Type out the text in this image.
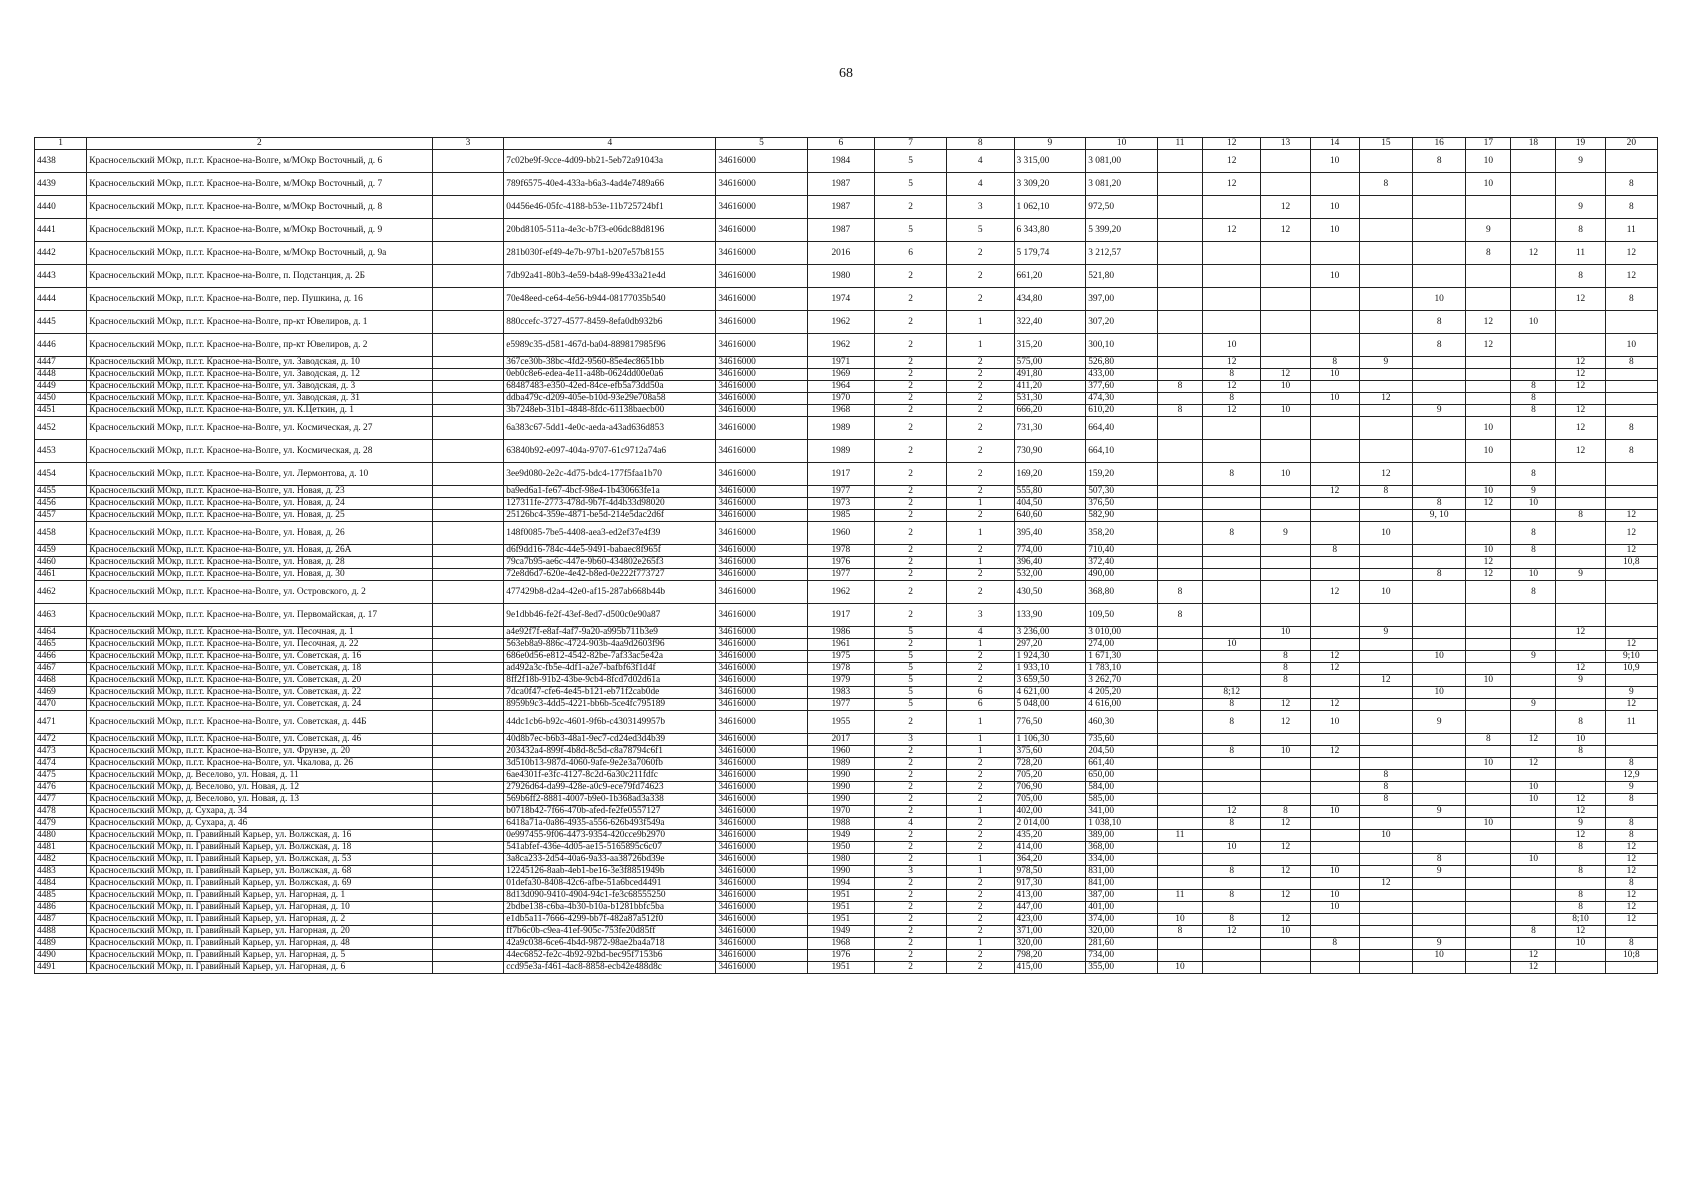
68
1	2	3	4	5	6	7	8	9	10	11	12	13	14	15	16	17	18	19	20
4438	Красносельский МОкр, п.г.т. Красное-на-Волге, м/МОкр Восточный, д. 6		7c02be9f-9cce-4d09-bb21-5eb72a91043a	34616000	1984	5	4	3 315,00	3 081,00		12		10		8	10		9	
4439	Красносельский МОкр, п.г.т. Красное-на-Волге, м/МОкр Восточный, д. 7		789f6575-40e4-433a-b6a3-4ad4e7489a66	34616000	1987	5	4	3 309,20	3 081,20		12			8		10			8
4440	Красносельский МОкр, п.г.т. Красное-на-Волге, м/МОкр Восточный, д. 8		04456e46-05fc-4188-b53e-11b725724bf1	34616000	1987	2	3	1 062,10	972,50			12	10					9	8
4441	Красносельский МОкр, п.г.т. Красное-на-Волге, м/МОкр Восточный, д. 9		20bd8105-511a-4e3c-b7f3-e06dc88d8196	34616000	1987	5	5	6 343,80	5 399,20		12	12	10			9		8	11
4442	Красносельский МОкр, п.г.т. Красное-на-Волге, м/МОкр Восточный, д. 9а		281b030f-ef49-4e7b-97b1-b207e57b8155	34616000	2016	6	2	5 179,74	3 212,57							8	12	11	12
4443	Красносельский МОкр, п.г.т. Красное-на-Волге, п. Подстанция, д. 2Б		7db92a41-80b3-4e59-b4a8-99e433a21e4d	34616000	1980	2	2	661,20	521,80				10					8	12
4444	Красносельский МОкр, п.г.т. Красное-на-Волге, пер. Пушкина, д. 16		70e48eed-ce64-4e56-b944-08177035b540	34616000	1974	2	2	434,80	397,00						10			12	8
4445	Красносельский МОкр, п.г.т. Красное-на-Волге, пр-кт Ювелиров, д. 1		880ccefc-3727-4577-8459-8efa0db932b6	34616000	1962	2	1	322,40	307,20						8	12	10		
4446	Красносельский МОкр, п.г.т. Красное-на-Волге, пр-кт Ювелиров, д. 2		e5989c35-d581-467d-ba04-889817985f96	34616000	1962	2	1	315,20	300,10		10				8	12			10
4447	Красносельский МОкр, п.г.т. Красное-на-Волге, ул. Заводская, д. 10		367ce30b-38bc-4fd2-9560-85e4ec8651bb	34616000	1971	2	2	575,00	526,80		12		8	9				12	8
4448	Красносельский МОкр, п.г.т. Красное-на-Волге, ул. Заводская, д. 12		0eb0c8e6-edea-4e11-a48b-0624dd00e0a6	34616000	1969	2	2	491,80	433,00		8	12	10					12	
4449	Красносельский МОкр, п.г.т. Красное-на-Волге, ул. Заводская, д. 3		68487483-e350-42ed-84ce-efb5a73dd50a	34616000	1964	2	2	411,20	377,60	8	12	10					8	12	
4450	Красносельский МОкр, п.г.т. Красное-на-Волге, ул. Заводская, д. 31		ddba479c-d209-405e-b10d-93e29e708a58	34616000	1970	2	2	531,30	474,30		8		10	12			8		
4451	Красносельский МОкр, п.г.т. Красное-на-Волге, ул. К.Цеткин, д. 1		3b7248eb-31b1-4848-8fdc-61138baecb00	34616000	1968	2	2	666,20	610,20	8	12	10			9		8	12	
4452	Красносельский МОкр, п.г.т. Красное-на-Волге, ул. Космическая, д. 27		6a383c67-5dd1-4e0c-aeda-a43ad636d853	34616000	1989	2	2	731,30	664,40							10		12	8
4453	Красносельский МОкр, п.г.т. Красное-на-Волге, ул. Космическая, д. 28		63840b92-e097-404a-9707-61c9712a74a6	34616000	1989	2	2	730,90	664,10							10		12	8
4454	Красносельский МОкр, п.г.т. Красное-на-Волге, ул. Лермонтова, д. 10		3ee9d080-2e2c-4d75-bdc4-177f5faa1b70	34616000	1917	2	2	169,20	159,20		8	10		12			8		
4455	Красносельский МОкр, п.г.т. Красное-на-Волге, ул. Новая, д. 23		ba9ed6a1-fe67-4bcf-98e4-1b430663fe1a	34616000	1977	2	2	555,80	507,30				12	8		10	9		
4456	Красносельский МОкр, п.г.т. Красное-на-Волге, ул. Новая, д. 24		127311fe-2773-478d-9b7f-4d4b33d98020	34616000	1973	2	1	404,50	376,50						8	12	10		
4457	Красносельский МОкр, п.г.т. Красное-на-Волге, ул. Новая, д. 25		25126bc4-359e-4871-be5d-214e5dac2d6f	34616000	1985	2	2	640,60	582,90						9, 10			8	12
4458	Красносельский МОкр, п.г.т. Красное-на-Волге, ул. Новая, д. 26		148f0085-7be5-4408-aea3-ed2ef37e4f39	34616000	1960	2	1	395,40	358,20		8	9		10			8		12
4459	Красносельский МОкр, п.г.т. Красное-на-Волге, ул. Новая, д. 26А		d6f9dd16-784c-44e5-9491-babaec8f965f	34616000	1978	2	2	774,00	710,40				8			10	8		12
4460	Красносельский МОкр, п.г.т. Красное-на-Волге, ул. Новая, д. 28		79ca7b95-ae6c-447e-9b60-434802e265f3	34616000	1976	2	1	396,40	372,40							12			10,8
4461	Красносельский МОкр, п.г.т. Красное-на-Волге, ул. Новая, д. 30		72e8d6d7-620e-4e42-b8ed-0e222f773727	34616000	1977	2	2	532,00	490,00						8	12	10	9	
4462	Красносельский МОкр, п.г.т. Красное-на-Волге, ул. Островского, д. 2		477429b8-d2a4-42e0-af15-287ab668b44b	34616000	1962	2	2	430,50	368,80	8			12	10			8		
4463	Красносельский МОкр, п.г.т. Красное-на-Волге, ул. Первомайская, д. 17		9e1dbb46-fe2f-43ef-8ed7-d500c0e90a87	34616000	1917	2	3	133,90	109,50	8									
4464	Красносельский МОкр, п.г.т. Красное-на-Волге, ул. Песочная, д. 1		a4e92f7f-e8af-4af7-9a20-a995b711b3e9	34616000	1986	5	4	3 236,00	3 010,00			10		9				12	
4465	Красносельский МОкр, п.г.т. Красное-на-Волге, ул. Песочная, д. 22		563eb8a9-886c-4724-903b-4aa9d2603f96	34616000	1961	2	1	297,20	274,00		10								12
4466	Красносельский МОкр, п.г.т. Красное-на-Волге, ул. Советская, д. 16		686e0d56-e812-4542-82be-7af33ac5e42a	34616000	1975	5	2	1 924,30	1 671,30			8	12		10		9		9;10
4467	Красносельский МОкр, п.г.т. Красное-на-Волге, ул. Советская, д. 18		ad492a3c-fb5e-4df1-a2e7-bafbf63f1d4f	34616000	1978	5	2	1 933,10	1 783,10			8	12					12	10,9
4468	Красносельский МОкр, п.г.т. Красное-на-Волге, ул. Советская, д. 20		8ff2f18b-91b2-43be-9cb4-8fcd7d02d61a	34616000	1979	5	2	3 659,50	3 262,70			8		12		10		9	
4469	Красносельский МОкр, п.г.т. Красное-на-Волге, ул. Советская, д. 22		7dca0f47-cfe6-4e45-b121-eb71f2cab0de	34616000	1983	5	6	4 621,00	4 205,20		8;12				10				9
4470	Красносельский МОкр, п.г.т. Красное-на-Волге, ул. Советская, д. 24		8959b9c3-4dd5-4221-bb6b-5ce4fc795189	34616000	1977	5	6	5 048,00	4 616,00		8	12	12				9		12
4471	Красносельский МОкр, п.г.т. Красное-на-Волге, ул. Советская, д. 44Б		44dc1cb6-b92c-4601-9f6b-c4303149957b	34616000	1955	2	1	776,50	460,30		8	12	10		9			8	11
4472	Красносельский МОкр, п.г.т. Красное-на-Волге, ул. Советская, д. 46		40d8b7ec-b6b3-48a1-9ec7-cd24ed3d4b39	34616000	2017	3	1	1 106,30	735,60							8	12	10	
4473	Красносельский МОкр, п.г.т. Красное-на-Волге, ул. Фрунзе, д. 20		203432a4-899f-4b8d-8c5d-c8a78794c6f1	34616000	1960	2	1	375,60	204,50		8	10	12					8	
4474	Красносельский МОкр, п.г.т. Красное-на-Волге, ул. Чкалова, д. 26		3d510b13-987d-4060-9afe-9e2e3a7060fb	34616000	1989	2	2	728,20	661,40							10	12		8
4475	Красносельский МОкр, д. Веселово, ул. Новая, д. 11		6ae4301f-e3fc-4127-8c2d-6a30c211fdfc	34616000	1990	2	2	705,20	650,00					8					12,9
4476	Красносельский МОкр, д. Веселово, ул. Новая, д. 12		27926d64-da99-428e-a0c9-ece79fd74623	34616000	1990	2	2	706,90	584,00					8			10		9
4477	Красносельский МОкр, д. Веселово, ул. Новая, д. 13		569b6ff2-8881-4007-b9e0-1b368ad3a338	34616000	1990	2	2	705,00	585,00					8			10	12	8
4478	Красносельский МОкр, д. Сухара, д. 34		b0718b42-7f66-470b-afed-fe2fe0557127	34616000	1970	2	1	402,00	341,00		12	8	10		9			12	
4479	Красносельский МОкр, д. Сухара, д. 46		6418a71a-0a86-4935-a556-626b493f549a	34616000	1988	4	2	2 014,00	1 038,10		8	12				10		9	8
4480	Красносельский МОкр, п. Гравийный Карьер, ул. Волжская, д. 16		0e997455-9f06-4473-9354-420cce9b2970	34616000	1949	2	2	435,20	389,00	11				10				12	8
4481	Красносельский МОкр, п. Гравийный Карьер, ул. Волжская, д. 18		541abfef-436e-4d05-ae15-5165895c6c07	34616000	1950	2	2	414,00	368,00		10	12						8	12
4482	Красносельский МОкр, п. Гравийный Карьер, ул. Волжская, д. 53		3a8ca233-2d54-40a6-9a33-aa38726bd39e	34616000	1980	2	1	364,20	334,00						8		10		12
4483	Красносельский МОкр, п. Гравийный Карьер, ул. Волжская, д. 68		12245126-8aab-4eb1-be16-3e3f8851949b	34616000	1990	3	1	978,50	831,00		8	12	10		9			8	12
4484	Красносельский МОкр, п. Гравийный Карьер, ул. Волжская, д. 69		01defa30-8408-42c6-afbe-51a6bced4491	34616000	1994	2	2	917,30	841,00					12					8
4485	Красносельский МОкр, п. Гравийный Карьер, ул. Нагорная, д. 1		8d13d090-9410-4904-94c1-fe3c68555250	34616000	1951	2	2	413,00	387,00	11	8	12	10					8	12
4486	Красносельский МОкр, п. Гравийный Карьер, ул. Нагорная, д. 10		2bdbe138-c6ba-4b30-b10a-b1281bbfc5ba	34616000	1951	2	2	447,00	401,00				10					8	12
4487	Красносельский МОкр, п. Гравийный Карьер, ул. Нагорная, д. 2		e1db5a11-7666-4299-bb7f-482a87a512f0	34616000	1951	2	2	423,00	374,00	10	8	12						8;10	12
4488	Красносельский МОкр, п. Гравийный Карьер, ул. Нагорная, д. 20		ff7b6c0b-c9ea-41ef-905c-753fe20d85ff	34616000	1949	2	2	371,00	320,00	8	12	10					8	12	
4489	Красносельский МОкр, п. Гравийный Карьер, ул. Нагорная, д. 48		42a9c038-6ce6-4b4d-9872-98ae2ba4a718	34616000	1968	2	1	320,00	281,60				8		9			10	8
4490	Красносельский МОкр, п. Гравийный Карьер, ул. Нагорная, д. 5		44ec6852-fe2c-4b92-92bd-bec95f7153b6	34616000	1976	2	2	798,20	734,00						10		12		10;8
4491	Красносельский МОкр, п. Гравийный Карьер, ул. Нагорная, д. 6		ccd95e3a-f461-4ac8-8858-ecb42e488d8c	34616000	1951	2	2	415,00	355,00	10							12		
